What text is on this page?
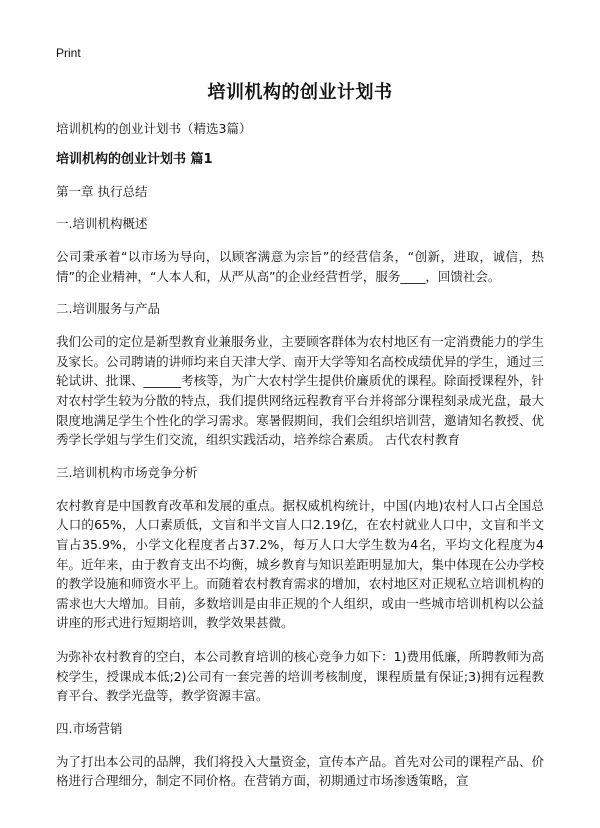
Print
培训机构的创业计划书

培训机构的创业计划书（精选3篇）

培训机构的创业计划书 篇1

第一章 执行总结

一.培训机构概述

公司秉承着“以市场为导向，以顾客满意为宗旨”的经营信条，“创新，进取，诚信，热情”的企业精神，“人本人和，从严从高”的企业经营哲学，服务____，回馈社会。

二.培训服务与产品

我们公司的定位是新型教育业兼服务业，主要顾客群体为农村地区有一定消费能力的学生及家长。公司聘请的讲师均来自天津大学、南开大学等知名高校成绩优异的学生，通过三轮试讲、批课、______考核等，为广大农村学生提供价廉质优的课程。除面授课程外，针对农村学生较为分散的特点，我们提供网络远程教育平台并将部分课程刻录成光盘，最大限度地满足学生个性化的学习需求。寒暑假期间，我们会组织培训营，邀请知名教授、优秀学长学姐与学生们交流，组织实践活动，培养综合素质。 古代农村教育

三.培训机构市场竞争分析

农村教育是中国教育改革和发展的重点。据权威机构统计，中国(内地)农村人口占全国总人口的65%，人口素质低，文盲和半文盲人口2.19亿，在农村就业人口中，文盲和半文盲占35.9%，小学文化程度者占37.2%，每万人口大学生数为4名，平均文化程度为4年。近年来，由于教育支出不均衡，城乡教育与知识差距明显加大，集中体现在公办学校的教学设施和师资水平上。而随着农村教育需求的增加，农村地区对正规私立培训机构的需求也大大增加。目前，多数培训是由非正规的个人组织，或由一些城市培训机构以公益讲座的形式进行短期培训，教学效果甚微。

为弥补农村教育的空白，本公司教育培训的核心竞争力如下：1)费用低廉，所聘教师为高校学生，授课成本低;2)公司有一套完善的培训考核制度，课程质量有保证;3)拥有远程教育平台、教学光盘等，教学资源丰富。

四.市场营销

为了打出本公司的品牌，我们将投入大量资金，宣传本产品。首先对公司的课程产品、价格进行合理细分，制定不同价格。在营销方面，初期通过市场渗透策略，宣
